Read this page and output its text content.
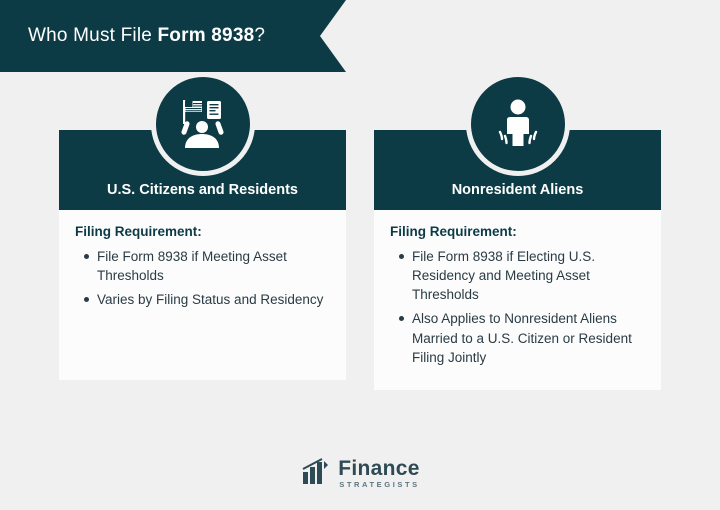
Who Must File Form 8938?
U.S. Citizens and Residents

Filing Requirement:

File Form 8938 if Meeting Asset Thresholds
Varies by Filing Status and Residency
Nonresident Aliens

Filing Requirement:

File Form 8938 if Electing U.S. Residency and Meeting Asset Thresholds
Also Applies to Nonresident Aliens Married to a U.S. Citizen or Resident Filing Jointly
Finance
STRATEGISTS
